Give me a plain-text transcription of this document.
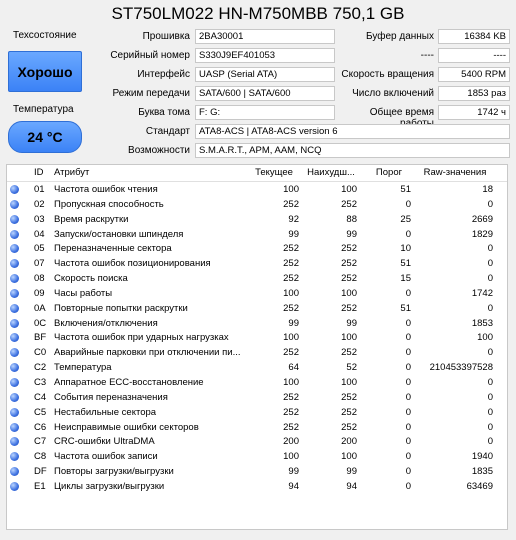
ST750LM022 HN-M750MBB 750,1 GB
Техсостояние
Хорошо
Температура
24 °C
Прошивка 2BA30001
Серийный номер S330J9EF401053
Интерфейс UASP (Serial ATA)
Режим передачи SATA/600 | SATA/600
Буква тома F: G:
Буфер данных	16384 KB
----	----
Скорость вращения	5400 RPM
Число включений	1853 раз
Общее время	1742 ч
Стандарт ATA8-ACS | ATA8-ACS version 6
Возможности S.M.A.R.T., APM, AAM, NCQ
ID	Атрибут	Текущее	Наихудш...	Порог	Raw-значения
01 Частота ошибок чтения	100	100	51	18
02 Пропускная способность	252	252	0	0
03 Время раскрутки	92	88	25	2669
04 Запуски/остановки шпинделя	99	99	0	1829
05 Переназначенные сектора	252	252	10	0
07 Частота ошибок позиционирования	252	252	51	0
08 Скорость поиска	252	252	15	0
09 Часы работы	100	100	0	1742
0A Повторные попытки раскрутки	252	252	51	0
0C Включения/отключения	99	99	0	1853
BF Частота ошибок при ударных нагрузках	100	100	0	100
C0 Аварийные парковки при отключении пи...	252	252	0	0
C2 Температура	64	52	0	210453397528
C3 Аппаратное ECC-восстановление	100	100	0	0
C4 События переназначения	252	252	0	0
C5 Нестабильные сектора	252	252	0	0
C6 Неисправимые ошибки секторов	252	252	0	0
C7 CRC-ошибки UltraDMA	200	200	0	0
C8 Частота ошибок записи	100	100	0	1940
DF Повторы загрузки/выгрузки	99	99	0	1835
E1 Циклы загрузки/выгрузки	94	94	0	63469
